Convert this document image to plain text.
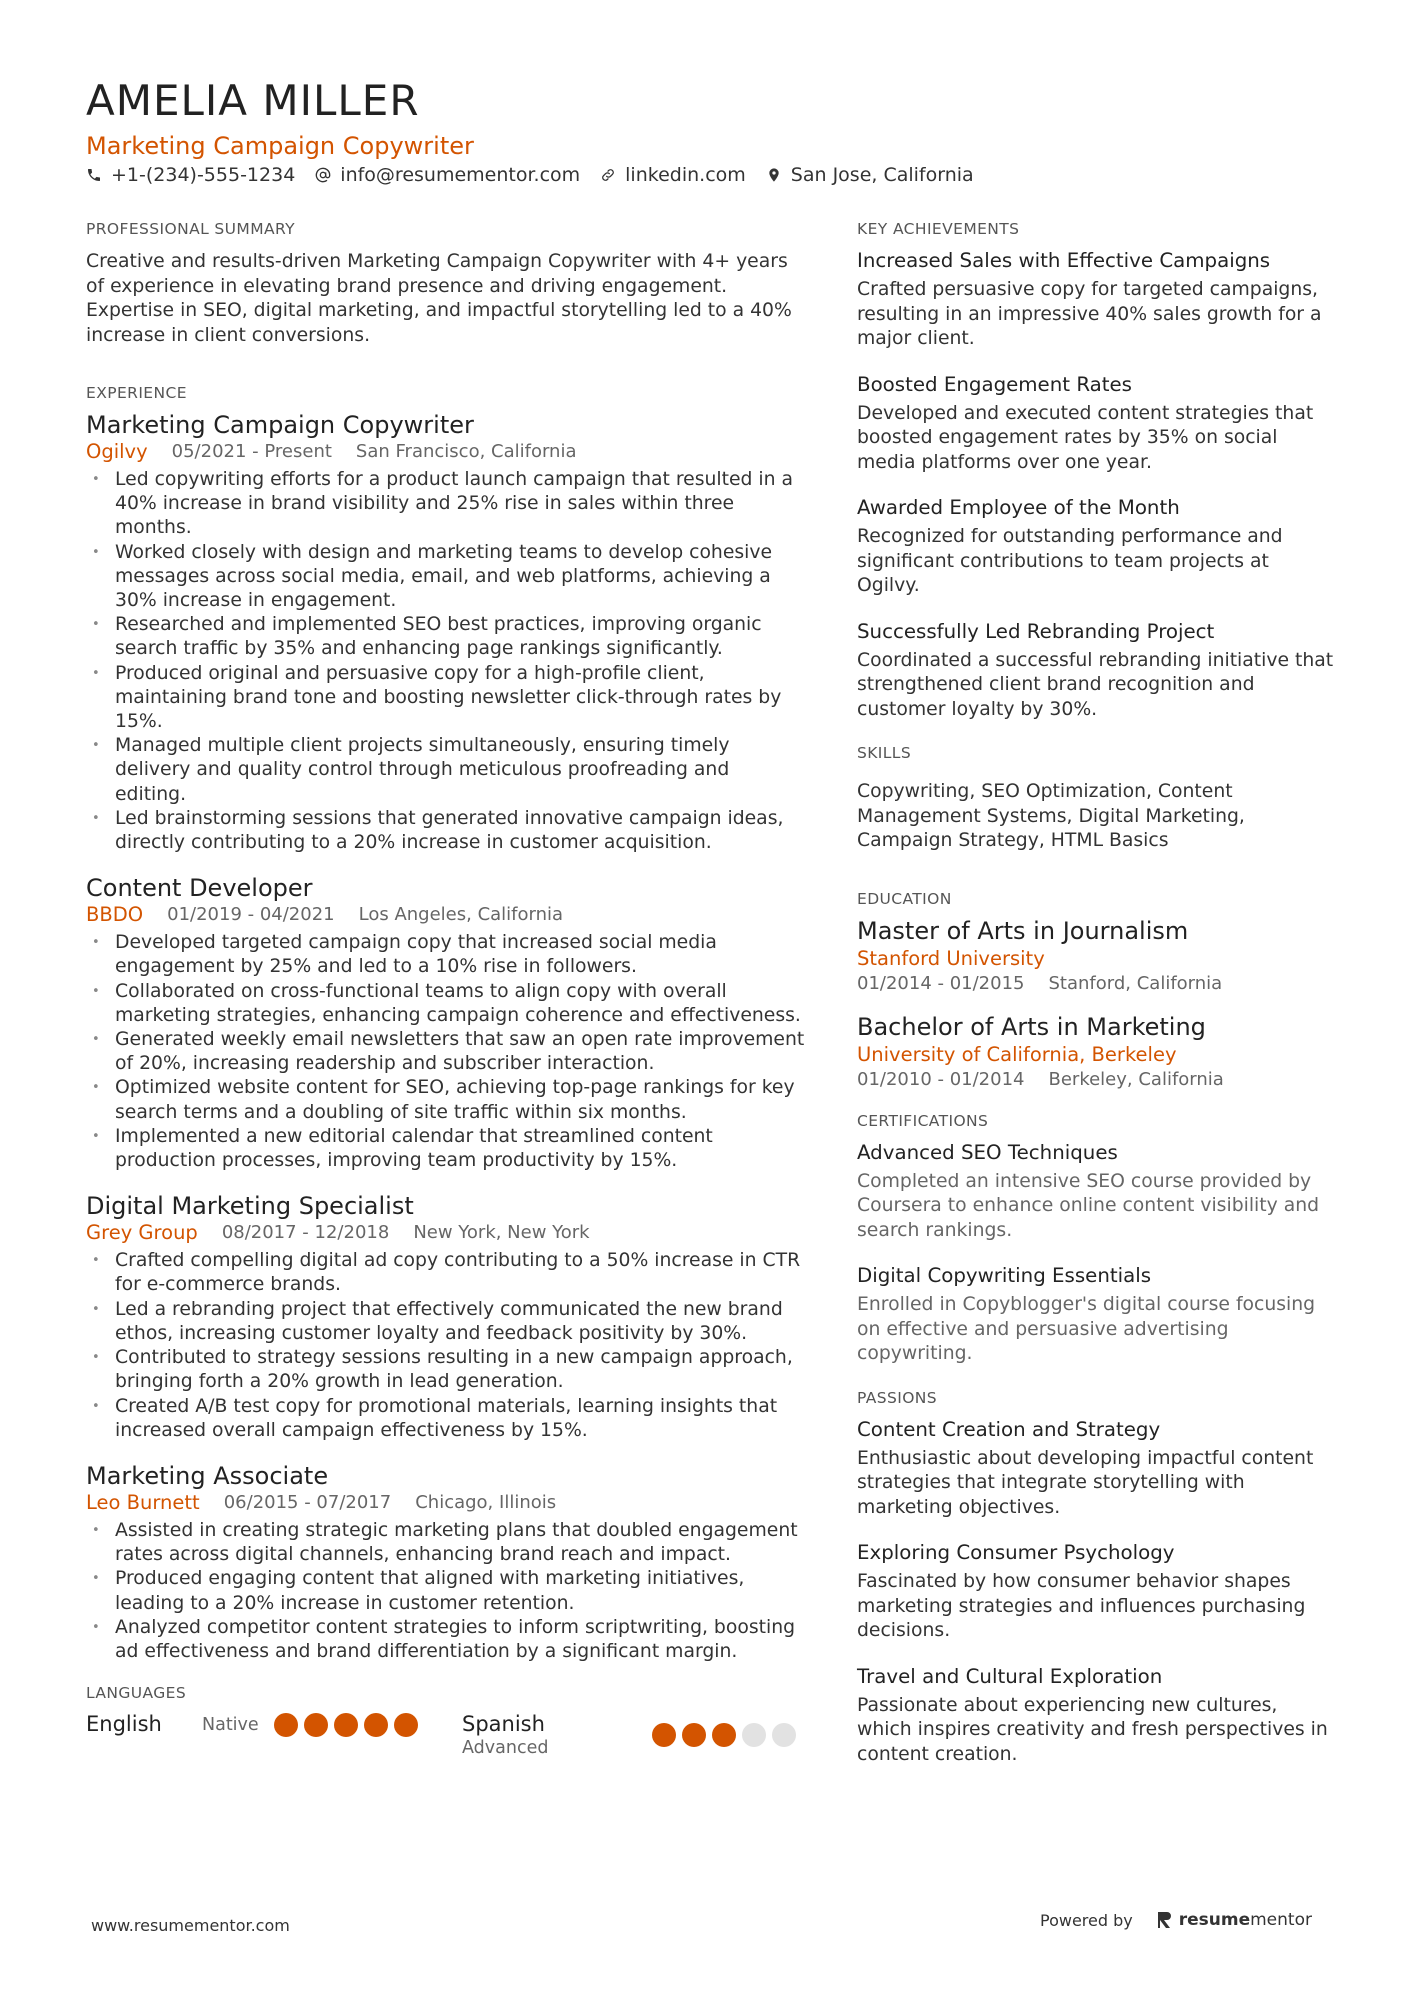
AMELIA MILLER
Marketing Campaign Copywriter
+1-(234)-555-1234 info@resumementor.com linkedin.com San Jose, California
PROFESSIONAL SUMMARY
Creative and results-driven Marketing Campaign Copywriter with 4+ years of experience in elevating brand presence and driving engagement. Expertise in SEO, digital marketing, and impactful storytelling led to a 40% increase in client conversions.
EXPERIENCE
Marketing Campaign Copywriter
Ogilvy 05/2021 - Present San Francisco, California
• Led copywriting efforts for a product launch campaign that resulted in a 40% increase in brand visibility and 25% rise in sales within three months.
• Worked closely with design and marketing teams to develop cohesive messages across social media, email, and web platforms, achieving a 30% increase in engagement.
• Researched and implemented SEO best practices, improving organic search traffic by 35% and enhancing page rankings significantly.
• Produced original and persuasive copy for a high-profile client, maintaining brand tone and boosting newsletter click-through rates by 15%.
• Managed multiple client projects simultaneously, ensuring timely delivery and quality control through meticulous proofreading and editing.
• Led brainstorming sessions that generated innovative campaign ideas, directly contributing to a 20% increase in customer acquisition.
Content Developer
BBDO 01/2019 - 04/2021 Los Angeles, California
• Developed targeted campaign copy that increased social media engagement by 25% and led to a 10% rise in followers.
• Collaborated on cross-functional teams to align copy with overall marketing strategies, enhancing campaign coherence and effectiveness.
• Generated weekly email newsletters that saw an open rate improvement of 20%, increasing readership and subscriber interaction.
• Optimized website content for SEO, achieving top-page rankings for key search terms and a doubling of site traffic within six months.
• Implemented a new editorial calendar that streamlined content production processes, improving team productivity by 15%.
Digital Marketing Specialist
Grey Group 08/2017 - 12/2018 New York, New York
• Crafted compelling digital ad copy contributing to a 50% increase in CTR for e-commerce brands.
• Led a rebranding project that effectively communicated the new brand ethos, increasing customer loyalty and feedback positivity by 30%.
• Contributed to strategy sessions resulting in a new campaign approach, bringing forth a 20% growth in lead generation.
• Created A/B test copy for promotional materials, learning insights that increased overall campaign effectiveness by 15%.
Marketing Associate
Leo Burnett 06/2015 - 07/2017 Chicago, Illinois
• Assisted in creating strategic marketing plans that doubled engagement rates across digital channels, enhancing brand reach and impact.
• Produced engaging content that aligned with marketing initiatives, leading to a 20% increase in customer retention.
• Analyzed competitor content strategies to inform scriptwriting, boosting ad effectiveness and brand differentiation by a significant margin.
LANGUAGES
English Native	Spanish
Advanced
KEY ACHIEVEMENTS
Increased Sales with Effective Campaigns
Crafted persuasive copy for targeted campaigns, resulting in an impressive 40% sales growth for a major client.
Boosted Engagement Rates
Developed and executed content strategies that boosted engagement rates by 35% on social media platforms over one year.
Awarded Employee of the Month
Recognized for outstanding performance and significant contributions to team projects at Ogilvy.
Successfully Led Rebranding Project
Coordinated a successful rebranding initiative that strengthened client brand recognition and customer loyalty by 30%.
SKILLS
Copywriting, SEO Optimization, Content Management Systems, Digital Marketing, Campaign Strategy, HTML Basics
EDUCATION
Master of Arts in Journalism
Stanford University
01/2014 - 01/2015 Stanford, California
Bachelor of Arts in Marketing
University of California, Berkeley
01/2010 - 01/2014 Berkeley, California
CERTIFICATIONS
Advanced SEO Techniques
Completed an intensive SEO course provided by Coursera to enhance online content visibility and search rankings.
Digital Copywriting Essentials
Enrolled in Copyblogger's digital course focusing on effective and persuasive advertising copywriting.
PASSIONS
Content Creation and Strategy
Enthusiastic about developing impactful content strategies that integrate storytelling with marketing objectives.
Exploring Consumer Psychology
Fascinated by how consumer behavior shapes marketing strategies and influences purchasing decisions.
Travel and Cultural Exploration
Passionate about experiencing new cultures, which inspires creativity and fresh perspectives in content creation.
www.resumementor.com	Powered by	resume mentor
